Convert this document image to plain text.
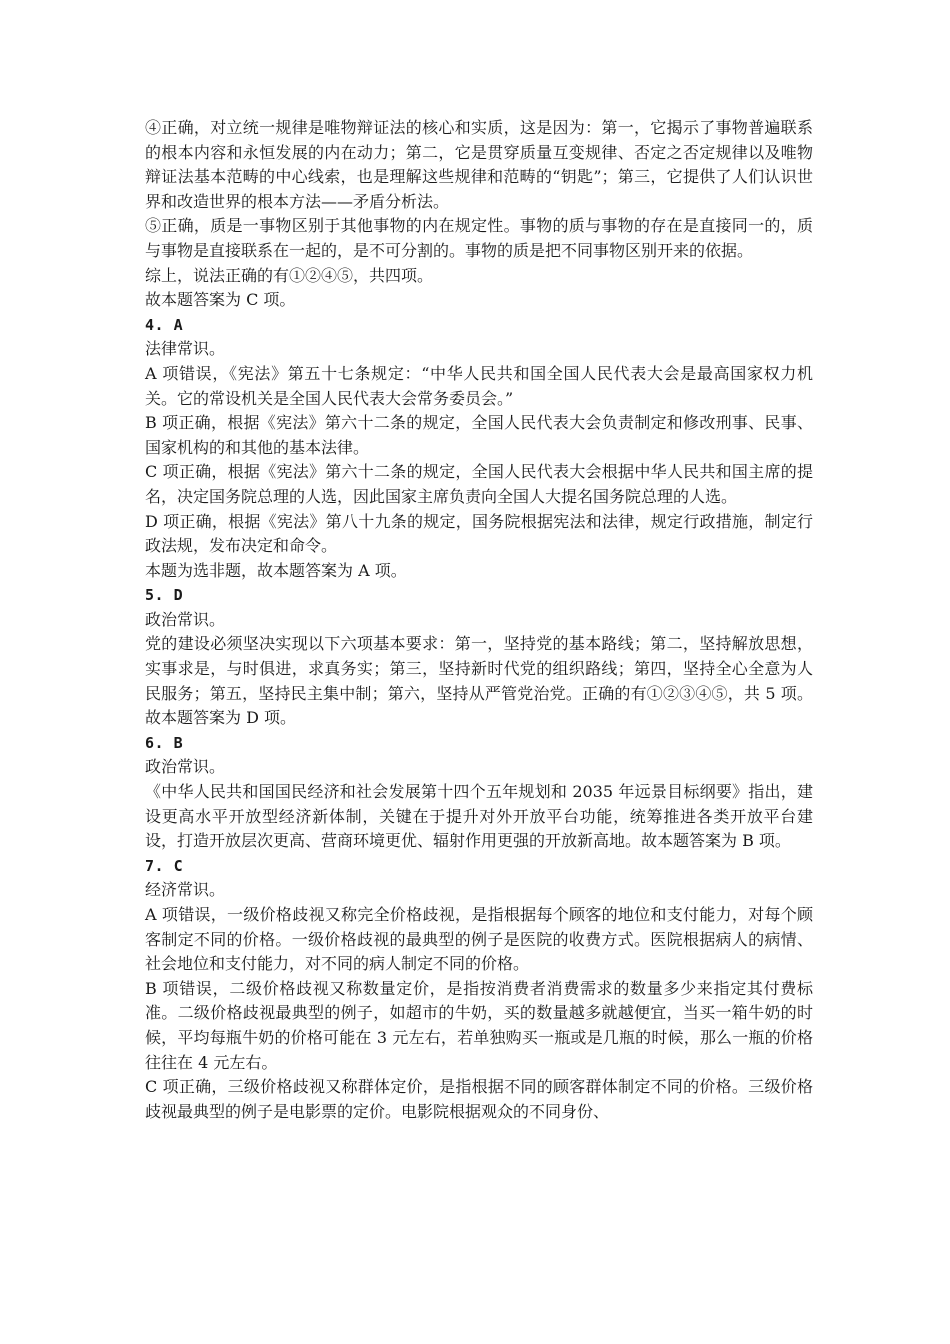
④正确，对立统一规律是唯物辩证法的核心和实质，这是因为：第一，它揭示了事物普遍联系的根本内容和永恒发展的内在动力；第二，它是贯穿质量互变规律、否定之否定规律以及唯物辩证法基本范畴的中心线索，也是理解这些规律和范畴的“钥匙”；第三，它提供了人们认识世界和改造世界的根本方法——矛盾分析法。

⑤正确，质是一事物区别于其他事物的内在规定性。事物的质与事物的存在是直接同一的，质与事物是直接联系在一起的，是不可分割的。事物的质是把不同事物区别开来的依据。

综上，说法正确的有①②④⑤，共四项。

故本题答案为 C 项。

4. A

法律常识。

A 项错误，《宪法》第五十七条规定：“中华人民共和国全国人民代表大会是最高国家权力机关。它的常设机关是全国人民代表大会常务委员会。”

B 项正确，根据《宪法》第六十二条的规定，全国人民代表大会负责制定和修改刑事、民事、国家机构的和其他的基本法律。

C 项正确，根据《宪法》第六十二条的规定，全国人民代表大会根据中华人民共和国主席的提名，决定国务院总理的人选，因此国家主席负责向全国人大提名国务院总理的人选。

D 项正确，根据《宪法》第八十九条的规定，国务院根据宪法和法律，规定行政措施，制定行政法规，发布决定和命令。

本题为选非题，故本题答案为 A 项。

5. D

政治常识。

党的建设必须坚决实现以下六项基本要求：第一，坚持党的基本路线；第二，坚持解放思想，实事求是，与时俱进，求真务实；第三，坚持新时代党的组织路线；第四，坚持全心全意为人民服务；第五，坚持民主集中制；第六，坚持从严管党治党。正确的有①②③④⑤，共 5 项。故本题答案为 D 项。

6. B

政治常识。

《中华人民共和国国民经济和社会发展第十四个五年规划和 2035 年远景目标纲要》指出，建设更高水平开放型经济新体制，关键在于提升对外开放平台功能，统筹推进各类开放平台建设，打造开放层次更高、营商环境更优、辐射作用更强的开放新高地。故本题答案为 B 项。

7. C

经济常识。

A 项错误，一级价格歧视又称完全价格歧视，是指根据每个顾客的地位和支付能力，对每个顾客制定不同的价格。一级价格歧视的最典型的例子是医院的收费方式。医院根据病人的病情、社会地位和支付能力，对不同的病人制定不同的价格。

B 项错误，二级价格歧视又称数量定价，是指按消费者消费需求的数量多少来指定其付费标准。二级价格歧视最典型的例子，如超市的牛奶，买的数量越多就越便宜，当买一箱牛奶的时候，平均每瓶牛奶的价格可能在 3 元左右，若单独购买一瓶或是几瓶的时候，那么一瓶的价格往往在 4 元左右。

C 项正确，三级价格歧视又称群体定价，是指根据不同的顾客群体制定不同的价格。三级价格歧视最典型的例子是电影票的定价。电影院根据观众的不同身份、
